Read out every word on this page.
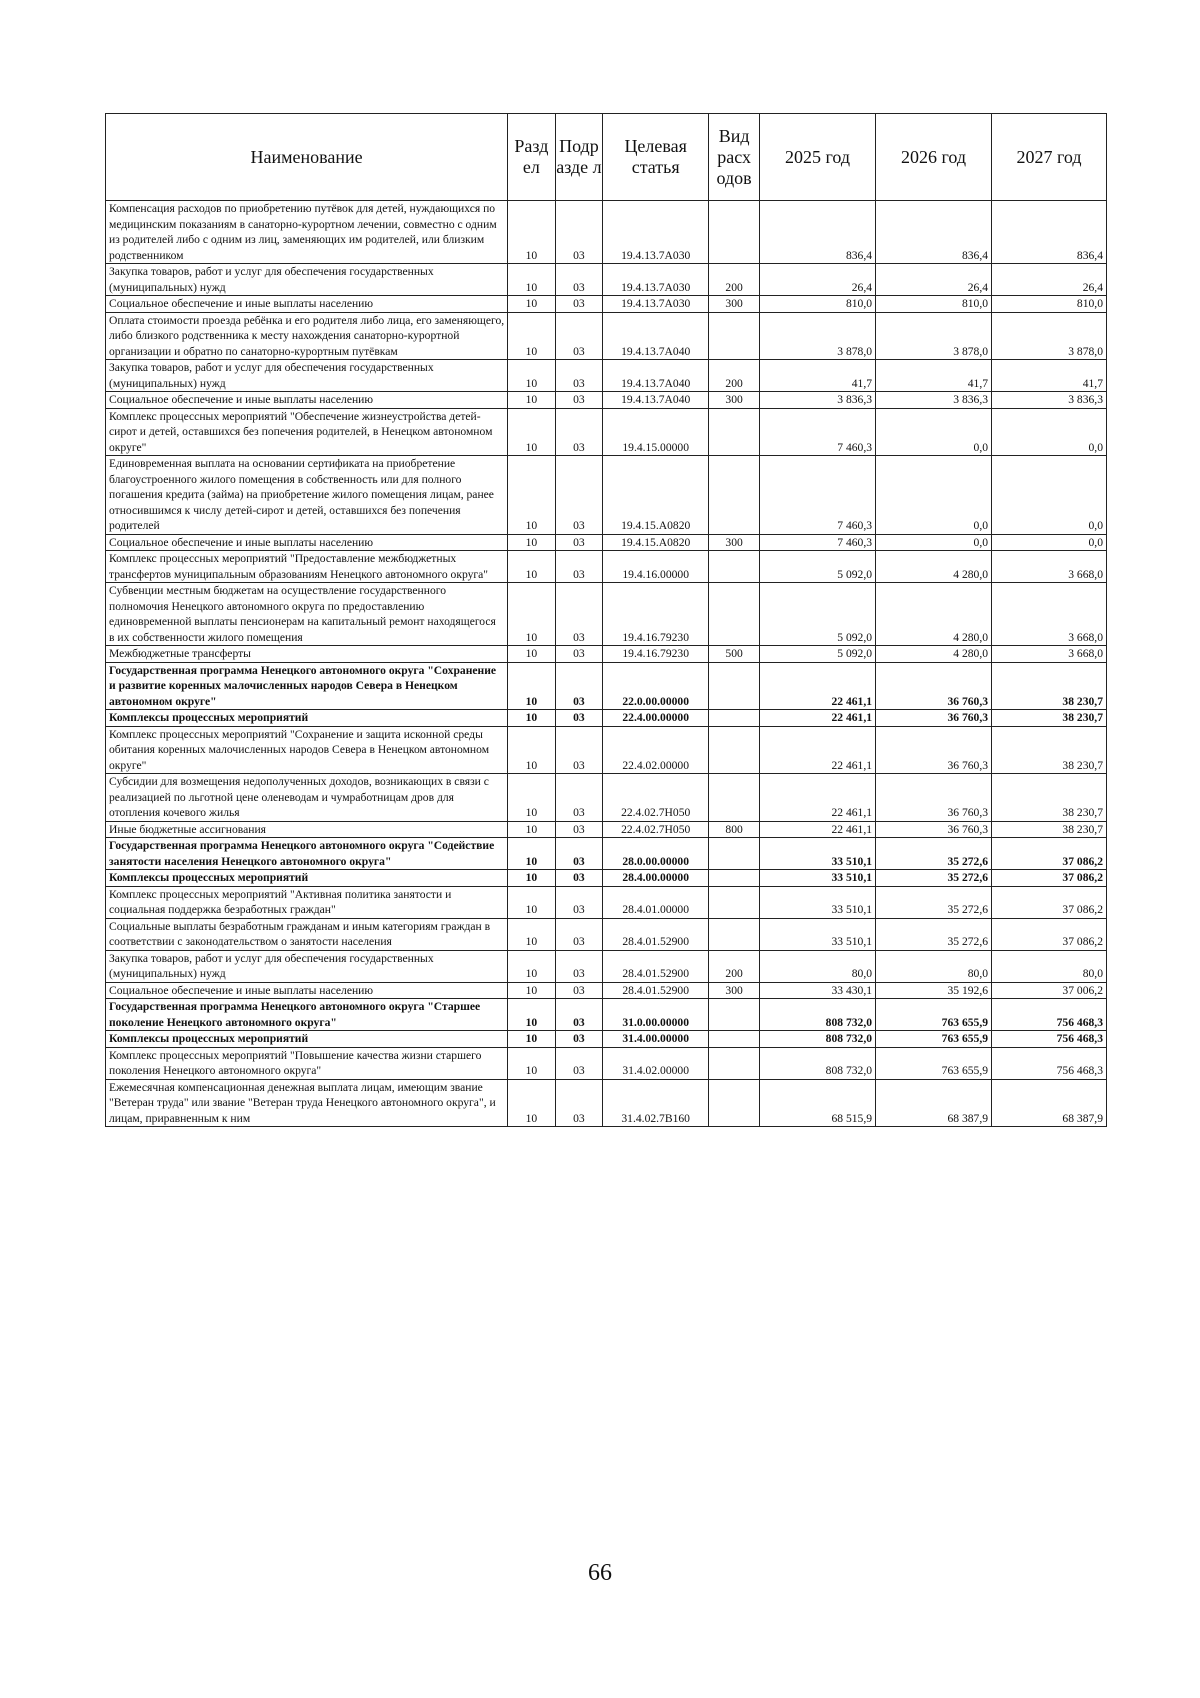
Наименование	Разд ел	Подр азде л	Целевая статья	Вид расх одов	2025 год	2026 год	2027 год
Компенсация расходов по приобретению путёвок для детей, нуждающихся по медицинским показаниям в санаторно-курортном лечении, совместно с одним из родителей либо с одним из лиц, заменяющих им родителей, или близким родственником	10	03	19.4.13.7А030		836,4	836,4	836,4
Закупка товаров, работ и услуг для обеспечения государственных (муниципальных) нужд	10	03	19.4.13.7А030	200	26,4	26,4	26,4
Социальное обеспечение и иные выплаты населению	10	03	19.4.13.7А030	300	810,0	810,0	810,0
Оплата стоимости проезда ребёнка и его родителя либо лица, его заменяющего, либо близкого родственника к месту нахождения санаторно-курортной организации и обратно по санаторно-курортным путёвкам	10	03	19.4.13.7А040		3 878,0	3 878,0	3 878,0
Закупка товаров, работ и услуг для обеспечения государственных (муниципальных) нужд	10	03	19.4.13.7А040	200	41,7	41,7	41,7
Социальное обеспечение и иные выплаты населению	10	03	19.4.13.7А040	300	3 836,3	3 836,3	3 836,3
Комплекс процессных мероприятий "Обеспечение жизнеустройства детей-сирот и детей, оставшихся без попечения родителей, в Ненецком автономном округе"	10	03	19.4.15.00000		7 460,3	0,0	0,0
Единовременная выплата на основании сертификата на приобретение благоустроенного жилого помещения в собственность или для полного погашения кредита (займа) на приобретение жилого помещения лицам, ранее относившимся к числу детей-сирот и детей, оставшихся без попечения родителей	10	03	19.4.15.А0820		7 460,3	0,0	0,0
Социальное обеспечение и иные выплаты населению	10	03	19.4.15.А0820	300	7 460,3	0,0	0,0
Комплекс процессных мероприятий "Предоставление межбюджетных трансфертов муниципальным образованиям Ненецкого автономного округа"	10	03	19.4.16.00000		5 092,0	4 280,0	3 668,0
Субвенции местным бюджетам на осуществление государственного полномочия Ненецкого автономного округа по предоставлению единовременной выплаты пенсионерам на капитальный ремонт находящегося в их собственности жилого помещения	10	03	19.4.16.79230		5 092,0	4 280,0	3 668,0
Межбюджетные трансферты	10	03	19.4.16.79230	500	5 092,0	4 280,0	3 668,0
Государственная программа Ненецкого автономного округа "Сохранение и развитие коренных малочисленных народов Севера в Ненецком автономном округе"	10	03	22.0.00.00000		22 461,1	36 760,3	38 230,7
Комплексы процессных мероприятий	10	03	22.4.00.00000		22 461,1	36 760,3	38 230,7
Комплекс процессных мероприятий "Сохранение и защита исконной среды обитания коренных малочисленных народов Севера в Ненецком автономном округе"	10	03	22.4.02.00000		22 461,1	36 760,3	38 230,7
Субсидии для возмещения недополученных доходов, возникающих в связи с реализацией по льготной цене оленеводам и чумработницам дров для отопления кочевого жилья	10	03	22.4.02.7Н050		22 461,1	36 760,3	38 230,7
Иные бюджетные ассигнования	10	03	22.4.02.7Н050	800	22 461,1	36 760,3	38 230,7
Государственная программа Ненецкого автономного округа "Содействие занятости населения Ненецкого автономного округа"	10	03	28.0.00.00000		33 510,1	35 272,6	37 086,2
Комплексы процессных мероприятий	10	03	28.4.00.00000		33 510,1	35 272,6	37 086,2
Комплекс процессных мероприятий "Активная политика занятости и социальная поддержка безработных граждан"	10	03	28.4.01.00000		33 510,1	35 272,6	37 086,2
Социальные выплаты безработным гражданам и иным категориям граждан в соответствии с законодательством о занятости населения	10	03	28.4.01.52900		33 510,1	35 272,6	37 086,2
Закупка товаров, работ и услуг для обеспечения государственных (муниципальных) нужд	10	03	28.4.01.52900	200	80,0	80,0	80,0
Социальное обеспечение и иные выплаты населению	10	03	28.4.01.52900	300	33 430,1	35 192,6	37 006,2
Государственная программа Ненецкого автономного округа "Старшее поколение Ненецкого автономного округа"	10	03	31.0.00.00000		808 732,0	763 655,9	756 468,3
Комплексы процессных мероприятий	10	03	31.4.00.00000		808 732,0	763 655,9	756 468,3
Комплекс процессных мероприятий "Повышение качества жизни старшего поколения Ненецкого автономного округа"	10	03	31.4.02.00000		808 732,0	763 655,9	756 468,3
Ежемесячная компенсационная денежная выплата лицам, имеющим звание "Ветеран труда" или звание "Ветеран труда Ненецкого автономного округа", и лицам, приравненным к ним	10	03	31.4.02.7В160		68 515,9	68 387,9	68 387,9
66
